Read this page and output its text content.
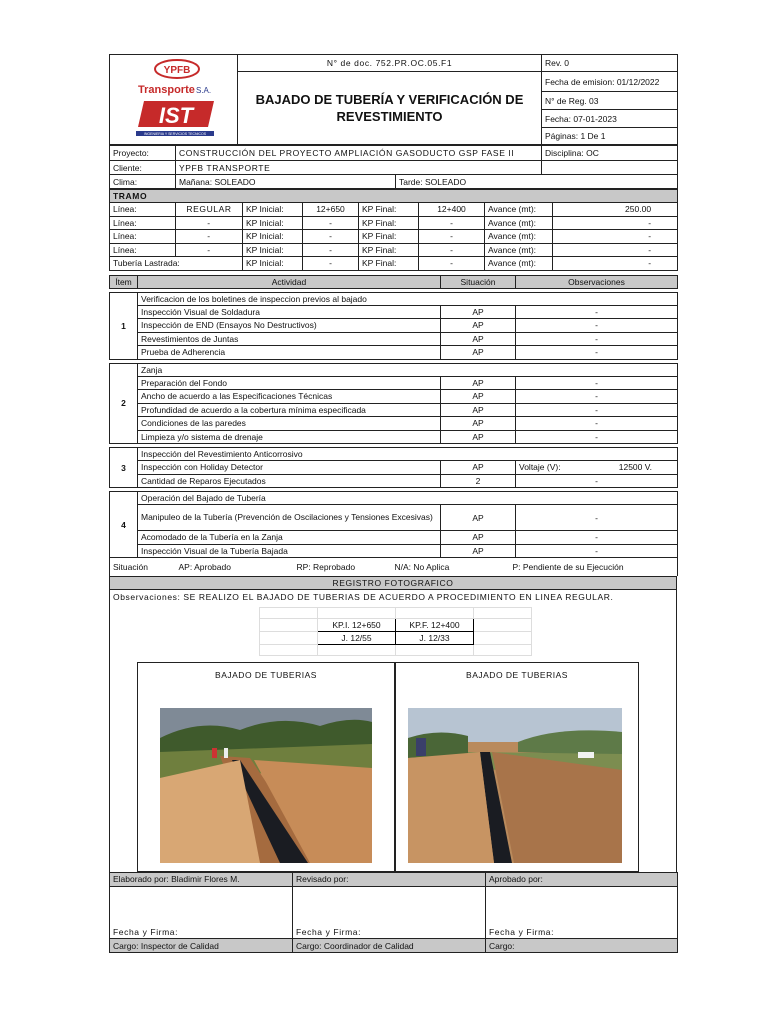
YPFB
Transporte S.A.
IST
INGENIERIA Y SERVICIOS TECNICOS	N° de doc. 752.PR.OC.05.F1	Rev. 0
	BAJADO DE TUBERÍA Y VERIFICACIÓN DE REVESTIMIENTO	Fecha de emision: 01/12/2022
		N° de Reg. 03
		Fecha: 07-01-2023
		Páginas: 1 De 1
Proyecto:	CONSTRUCCIÓN DEL PROYECTO AMPLIACIÓN GASODUCTO GSP FASE II		Disciplina: OC
Cliente:	YPFB TRANSPORTE		
Clima:	Mañana: SOLEADO	Tarde: SOLEADO	
TRAMO							
Línea:	REGULAR	KP Inicial:	12+650	KP Final:	12+400	Avance (mt):	250.00
Línea:	-	KP Inicial:	-	KP Final:	-	Avance (mt):	-
Línea:	-	KP Inicial:	-	KP Final:	-	Avance (mt):	-
Línea:	-	KP Inicial:	-	KP Final:	-	Avance (mt):	-
Tubería Lastrada:		KP Inicial:	-	KP Final:	-	Avance (mt):	-
Ítem	Actividad	Situación	Observaciones

1	Verificacion de los boletines de inspeccion previos al bajado		
	Inspección Visual de Soldadura	AP	-
	Inspección de END (Ensayos No Destructivos)	AP	-
	Revestimientos de Juntas	AP	-
	Prueba de Adherencia	AP	-

2	Zanja		
	Preparación del Fondo	AP	-
	Ancho de acuerdo a las Especificaciones Técnicas	AP	-
	Profundidad de acuerdo a la cobertura mínima especificada	AP	-
	Condiciones de las paredes	AP	-
	Limpieza y/o sistema de drenaje	AP	-

3	Inspección del Revestimiento Anticorrosivo		
	Inspección con Holiday Detector	AP	Voltaje (V): 12500 V.

	Cantidad de Reparos Ejecutados	2	-

4	Operación del Bajado de Tubería		
	Manipuleo de la Tubería (Prevención de Oscilaciones y Tensiones Excesivas)	AP	-
	Acomodado de la Tubería en la Zanja	AP	-
	Inspección Visual de la Tubería Bajada	AP	-
Situación	AP: Aprobado	RP: Reprobado	N/A: No Aplica	P: Pendiente de su Ejecución
REGISTRO FOTOGRAFICO
Observaciones: SE REALIZO EL BAJADO DE TUBERIAS DE ACUERDO A PROCEDIMIENTO EN LINEA REGULAR.

	KP.I. 12+650	KP.F. 12+400	
	J. 12/55	J. 12/33	

BAJADO DE TUBERIAS	BAJADO DE TUBERIAS
Elaborado por: Bladimir Flores M.	Revisado por:	Aprobado por:

Fecha y Firma:	Fecha y Firma:	Fecha y Firma:
Cargo: Inspector de Calidad	Cargo: Coordinador de Calidad	Cargo:
